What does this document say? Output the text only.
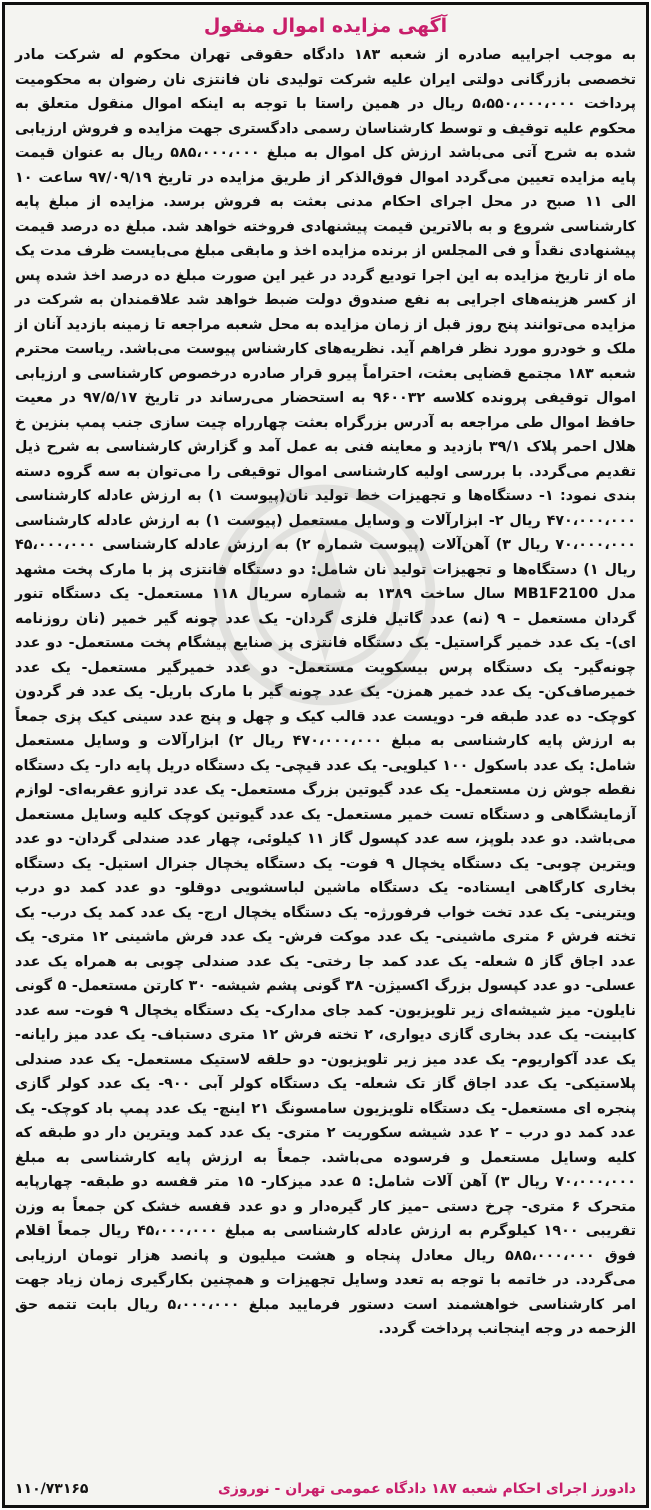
آگهی مزایده اموال منقول
به موجب اجراییه صادره از شعبه ۱۸۳ دادگاه حقوقی تهران محکوم له شرکت مادر تخصصی بازرگانی دولتی ایران علیه شرکت تولیدی نان فانتزی نان رضوان به محکومیت پرداخت ۵،۵۵۰،۰۰۰،۰۰۰ ریال در همین راستا با توجه به اینکه اموال منقول متعلق به محکوم علیه توقیف و توسط کارشناسان رسمی دادگستری جهت مزایده و فروش ارزیابی شده به شرح آتی می‌باشد ارزش کل اموال به مبلغ ۵۸۵،۰۰۰،۰۰۰ ریال به عنوان قیمت پایه مزایده تعیین می‌گردد اموال فوق‌الذکر از طریق مزایده در تاریخ ۹۷/۰۹/۱۹ ساعت ۱۰ الی ۱۱ صبح در محل اجرای احکام مدنی بعثت به فروش برسد. مزایده از مبلغ پایه کارشناسی شروع و به بالاترین قیمت پیشنهادی فروخته خواهد شد. مبلغ ده درصد قیمت پیشنهادی نقداً و فی المجلس از برنده مزایده اخذ و مابقی مبلغ می‌بایست ظرف مدت یک ماه از تاریخ مزایده به این اجرا تودیع گردد در غیر این صورت مبلغ ده درصد اخذ شده پس از کسر هزینه‌های اجرایی به نفع صندوق دولت ضبط خواهد شد علاقمندان به شرکت در مزایده می‌توانند پنج روز قبل از زمان مزایده به محل شعبه مراجعه تا زمینه بازدید آنان از ملک و خودرو مورد نظر فراهم آید. نظریه‌های کارشناس پیوست می‌باشد. ریاست محترم شعبه ۱۸۳ مجتمع قضایی بعثت، احتراماً پیرو قرار صادره درخصوص کارشناسی و ارزیابی اموال توقیفی پرونده کلاسه ۹۶۰۰۳۲ به استحضار می‌رساند در تاریخ ۹۷/۵/۱۷ در معیت حافظ اموال طی مراجعه به آدرس بزرگراه بعثت چهارراه چیت سازی جنب پمپ بنزین خ هلال احمر پلاک ۳۹/۱ بازدید و معاینه فنی به عمل آمد و گزارش کارشناسی به شرح ذیل تقدیم می‌گردد. با بررسی اولیه کارشناسی اموال توقیفی را می‌توان به سه گروه دسته بندی نمود: ۱- دستگاه‌ها و تجهیزات خط تولید نان(پیوست ۱) به ارزش عادله کارشناسی ۴۷۰،۰۰۰،۰۰۰ ریال ۲- ابزارآلات و وسایل مستعمل (پیوست ۱) به ارزش عادله کارشناسی ۷۰،۰۰۰،۰۰۰ ریال ۳) آهن‌آلات (پیوست شماره ۲) به ارزش عادله کارشناسی ۴۵،۰۰۰،۰۰۰ ریال ۱) دستگاه‌ها و تجهیزات تولید نان شامل: دو دستگاه فانتزی پز با مارک پخت مشهد مدل MB1F2100 سال ساخت ۱۳۸۹ به شماره سریال ۱۱۸ مستعمل- یک دستگاه تنور گردان مستعمل – ۹ (نه) عدد گاتیل فلزی گردان- یک عدد چونه گیر خمیر (نان روزنامه ای)- یک عدد خمیر گراستیل- یک دستگاه فانتزی پز صنایع پیشگام پخت مستعمل- دو عدد چونه‌گیر- یک دستگاه پرس بیسکویت مستعمل- دو عدد خمیرگیر مستعمل- یک عدد خمیرصاف‌کن- یک عدد خمیر همزن- یک عدد چونه گیر با مارک باریل- یک عدد فر گردون کوچک- ده عدد طبقه فر- دویست عدد قالب کیک و چهل و پنج عدد سینی کیک پزی جمعاً به ارزش پایه کارشناسی به مبلغ ۴۷۰،۰۰۰،۰۰۰ ریال ۲) ابزارآلات و وسایل مستعمل شامل: یک عدد باسکول ۱۰۰ کیلویی- یک عدد قیچی- یک دستگاه دریل پایه دار- یک دستگاه نقطه جوش زن مستعمل- یک عدد گیوتین بزرگ مستعمل- یک عدد ترازو عقربه‌ای- لوازم آزمایشگاهی و دستگاه تست خمیر مستعمل- یک عدد گیوتین کوچک کلیه وسایل مستعمل می‌باشد. دو عدد بلوپز، سه عدد کپسول گاز ۱۱ کیلوئی، چهار عدد صندلی گردان- دو عدد ویترین چوبی- یک دستگاه یخچال ۹ فوت- یک دستگاه یخچال جنرال استیل- یک دستگاه بخاری کارگاهی ایستاده- یک دستگاه ماشین لباسشویی دوقلو- دو عدد کمد دو درب ویترینی- یک عدد تخت خواب فرفورژه- یک دستگاه یخچال ارج- یک عدد کمد یک درب- یک تخته فرش ۶ متری ماشینی- یک عدد موکت فرش- یک عدد فرش ماشینی ۱۲ متری- یک عدد اجاق گاز ۵ شعله- یک عدد کمد جا رختی- یک عدد صندلی چوبی به همراه یک عدد عسلی- دو عدد کپسول بزرگ اکسیژن- ۳۸ گونی پشم شیشه- ۳۰ کارتن مستعمل- ۵ گونی نایلون- میز شیشه‌ای زیر تلویزیون- کمد جای مدارک- یک دستگاه یخچال ۹ فوت- سه عدد کابینت- یک عدد بخاری گازی دیواری، ۲ تخته فرش ۱۲ متری دستباف- یک عدد میز رایانه- یک عدد آکواریوم- یک عدد میز زیر تلویزیون- دو حلقه لاستیک مستعمل- یک عدد صندلی پلاستیکی- یک عدد اجاق گاز تک شعله- یک دستگاه کولر آبی ۹۰۰- یک عدد کولر گازی پنجره ای مستعمل- یک دستگاه تلویزیون سامسونگ ۲۱ اینچ- یک عدد پمپ باد کوچک- یک عدد کمد دو درب – ۲ عدد شیشه سکوریت ۲ متری- یک عدد کمد ویترین دار دو طبقه که کلیه وسایل مستعمل و فرسوده می‌باشد. جمعاً به ارزش پایه کارشناسی به مبلغ ۷۰،۰۰۰،۰۰۰ ریال ۳) آهن آلات شامل: ۵ عدد میزکار- ۱۵ متر قفسه دو طبقه- چهارپایه متحرک ۶ متری- چرخ دستی –میز کار گیره‌دار و دو عدد قفسه خشک کن جمعاً به وزن تقریبی ۱۹۰۰ کیلوگرم به ارزش عادله کارشناسی به مبلغ ۴۵،۰۰۰،۰۰۰ ریال جمعاً اقلام فوق ۵۸۵،۰۰۰،۰۰۰ ریال معادل پنجاه و هشت میلیون و پانصد هزار تومان ارزیابی می‌گردد. در خاتمه با توجه به تعدد وسایل تجهیزات و همچنین بکارگیری زمان زیاد جهت امر کارشناسی خواهشمند است دستور فرمایید مبلغ ۵،۰۰۰،۰۰۰ ریال بابت تتمه حق الزحمه در وجه اینجانب پرداخت گردد.
دادورز اجرای احکام شعبه ۱۸۷ دادگاه عمومی تهران - نوروزی
۱۱۰/۷۳۱۶۵
